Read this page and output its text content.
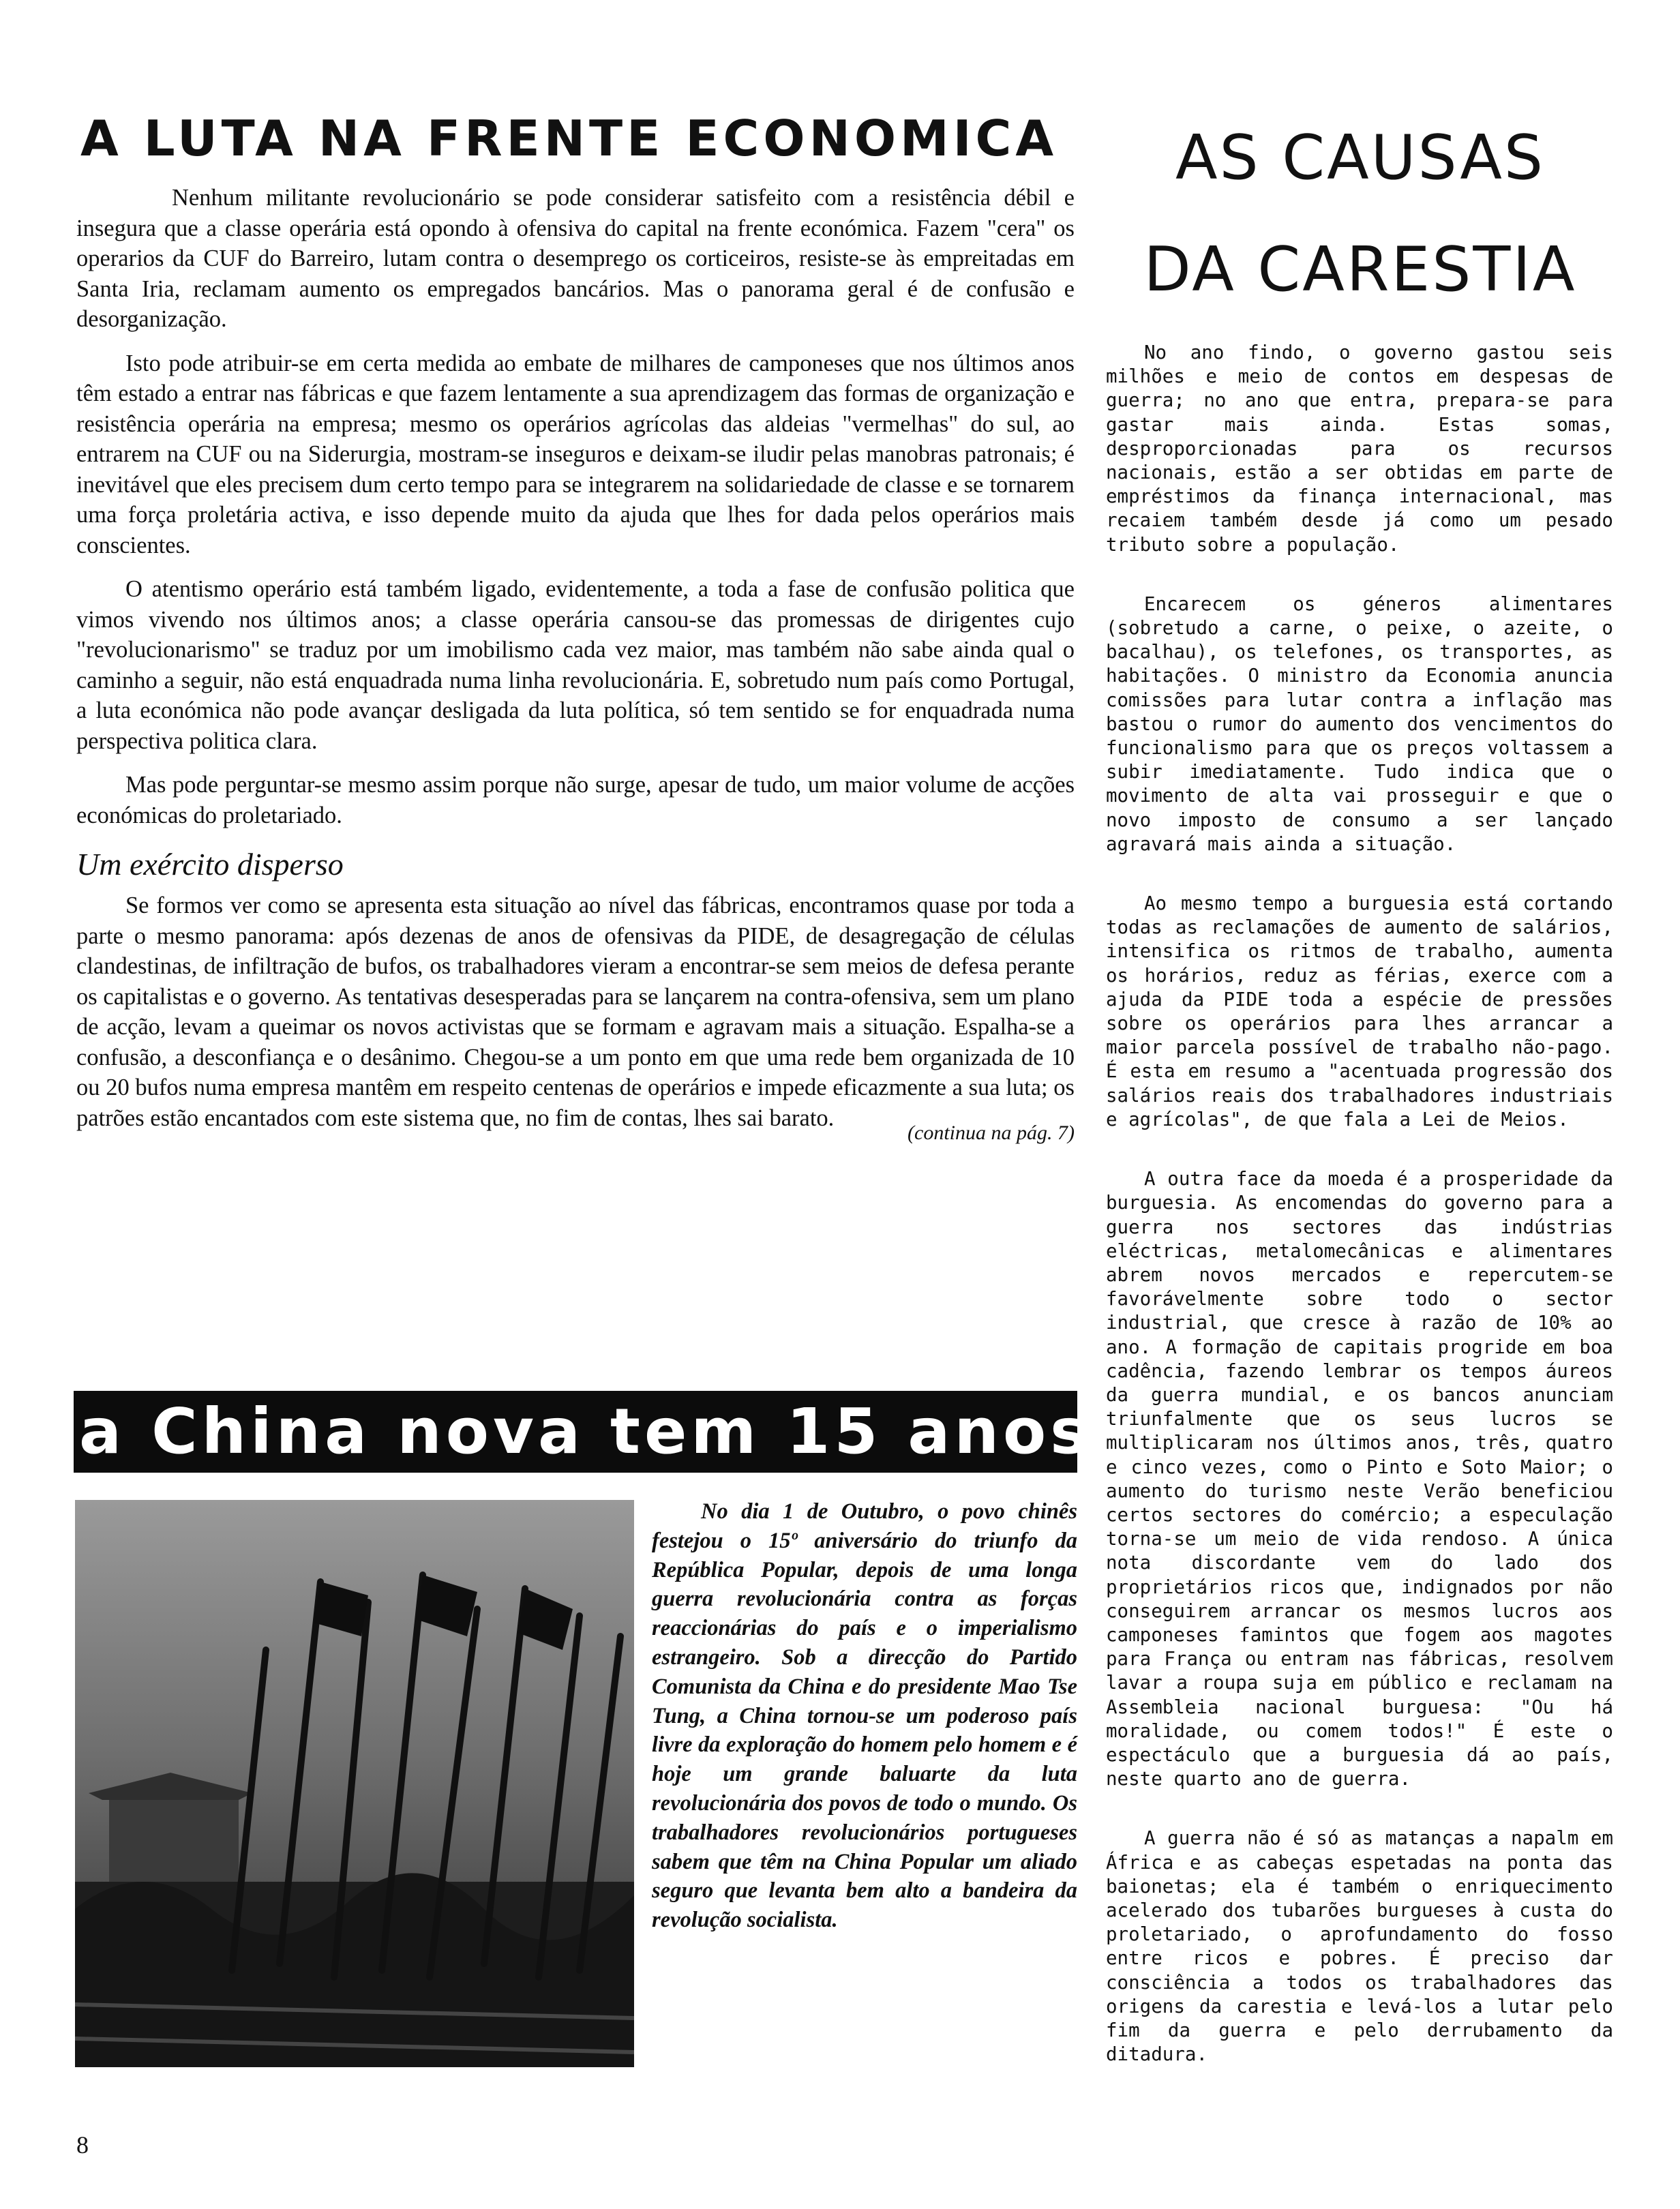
A LUTA NA FRENTE ECONOMICA

Nenhum militante revolucionário se pode considerar satisfeito com a resistência débil e insegura que a classe operária está opondo à ofensiva do capital na frente económica. Fazem "cera" os operarios da CUF do Barreiro, lutam contra o desemprego os corticeiros, resiste-se às empreitadas em Santa Iria, reclamam aumento os empregados bancários. Mas o panorama geral é de confusão e desorganização.

Isto pode atribuir-se em certa medida ao embate de milhares de camponeses que nos últimos anos têm estado a entrar nas fábricas e que fazem lentamente a sua aprendizagem das formas de organização e resistência operária na empresa; mesmo os operários agrícolas das aldeias "vermelhas" do sul, ao entrarem na CUF ou na Siderurgia, mostram-se inseguros e deixam-se iludir pelas manobras patronais; é inevitável que eles precisem dum certo tempo para se integrarem na solidariedade de classe e se tornarem uma força proletária activa, e isso depende muito da ajuda que lhes for dada pelos operários mais conscientes.

O atentismo operário está também ligado, evidentemente, a toda a fase de confusão politica que vimos vivendo nos últimos anos; a classe operária cansou-se das promessas de dirigentes cujo "revolucionarismo" se traduz por um imobilismo cada vez maior, mas também não sabe ainda qual o caminho a seguir, não está enquadrada numa linha revolucionária. E, sobretudo num país como Portugal, a luta económica não pode avançar desligada da luta política, só tem sentido se for enquadrada numa perspectiva politica clara.

Mas pode perguntar-se mesmo assim porque não surge, apesar de tudo, um maior volume de acções económicas do proletariado.

Um exército disperso

Se formos ver como se apresenta esta situação ao nível das fábricas, encontramos quase por toda a parte o mesmo panorama: após dezenas de anos de ofensivas da PIDE, de desagregação de células clandestinas, de infiltração de bufos, os trabalhadores vieram a encontrar-se sem meios de defesa perante os capitalistas e o governo. As tentativas desesperadas para se lançarem na contra-ofensiva, sem um plano de acção, levam a queimar os novos activistas que se formam e agravam mais a situação. Espalha-se a confusão, a desconfiança e o desânimo. Chegou-se a um ponto em que uma rede bem organizada de 10 ou 20 bufos numa empresa mantêm em respeito centenas de operários e impede eficazmente a sua luta; os patrões estão encantados com este sistema que, no fim de contas, lhes sai barato.

(continua na pág. 7)
a China nova tem 15 anos

No dia 1 de Outubro, o povo chinês festejou o 15º aniversário do triunfo da República Popular, depois de uma longa guerra revolucionária contra as forças reaccionárias do país e o imperialismo estrangeiro. Sob a direcção do Partido Comunista da China e do presidente Mao Tse Tung, a China tornou-se um poderoso país livre da exploração do homem pelo homem e é hoje um grande baluarte da luta revolucionária dos povos de todo o mundo. Os trabalhadores revolucionários portugueses sabem que têm na China Popular um aliado seguro que levanta bem alto a bandeira da revolução socialista.

8
AS CAUSAS
DA CARESTIA

No ano findo, o governo gastou seis milhões e meio de contos em despesas de guerra; no ano que entra, prepara-se para gastar mais ainda. Estas somas, desproporcionadas para os recursos nacionais, estão a ser obtidas em parte de empréstimos da finança internacional, mas recaiem também desde já como um pesado tributo sobre a população.

Encarecem os géneros alimentares (sobretudo a carne, o peixe, o azeite, o bacalhau), os telefones, os transportes, as habitações. O ministro da Economia anuncia comissões para lutar contra a inflação mas bastou o rumor do aumento dos vencimentos do funcionalismo para que os preços voltassem a subir imediatamente. Tudo indica que o movimento de alta vai prosseguir e que o novo imposto de consumo a ser lançado agravará mais ainda a situação.

Ao mesmo tempo a burguesia está cortando todas as reclamações de aumento de salários, intensifica os ritmos de trabalho, aumenta os horários, reduz as férias, exerce com a ajuda da PIDE toda a espécie de pressões sobre os operários para lhes arrancar a maior parcela possível de trabalho não-pago. É esta em resumo a "acentuada progressão dos salários reais dos trabalhadores industriais e agrícolas", de que fala a Lei de Meios.

A outra face da moeda é a prosperidade da burguesia. As encomendas do governo para a guerra nos sectores das indústrias eléctricas, metalomecânicas e alimentares abrem novos mercados e repercutem-se favorávelmente sobre todo o sector industrial, que cresce à razão de 10% ao ano. A formação de capitais progride em boa cadência, fazendo lembrar os tempos áureos da guerra mundial, e os bancos anunciam triunfalmente que os seus lucros se multiplicaram nos últimos anos, três, quatro e cinco vezes, como o Pinto e Soto Maior; o aumento do turismo neste Verão beneficiou certos sectores do comércio; a especulação torna-se um meio de vida rendoso. A única nota discordante vem do lado dos proprietários ricos que, indignados por não conseguirem arrancar os mesmos lucros aos camponeses famintos que fogem aos magotes para França ou entram nas fábricas, resolvem lavar a roupa suja em público e reclamam na Assembleia nacional burguesa: "Ou há moralidade, ou comem todos!" É este o espectáculo que a burguesia dá ao país, neste quarto ano de guerra.

A guerra não é só as matanças a napalm em África e as cabeças espetadas na ponta das baionetas; ela é também o enriquecimento acelerado dos tubarões burgueses à custa do proletariado, o aprofundamento do fosso entre ricos e pobres. É preciso dar consciência a todos os trabalhadores das origens da carestia e levá-los a lutar pelo fim da guerra e pelo derrubamento da ditadura.
